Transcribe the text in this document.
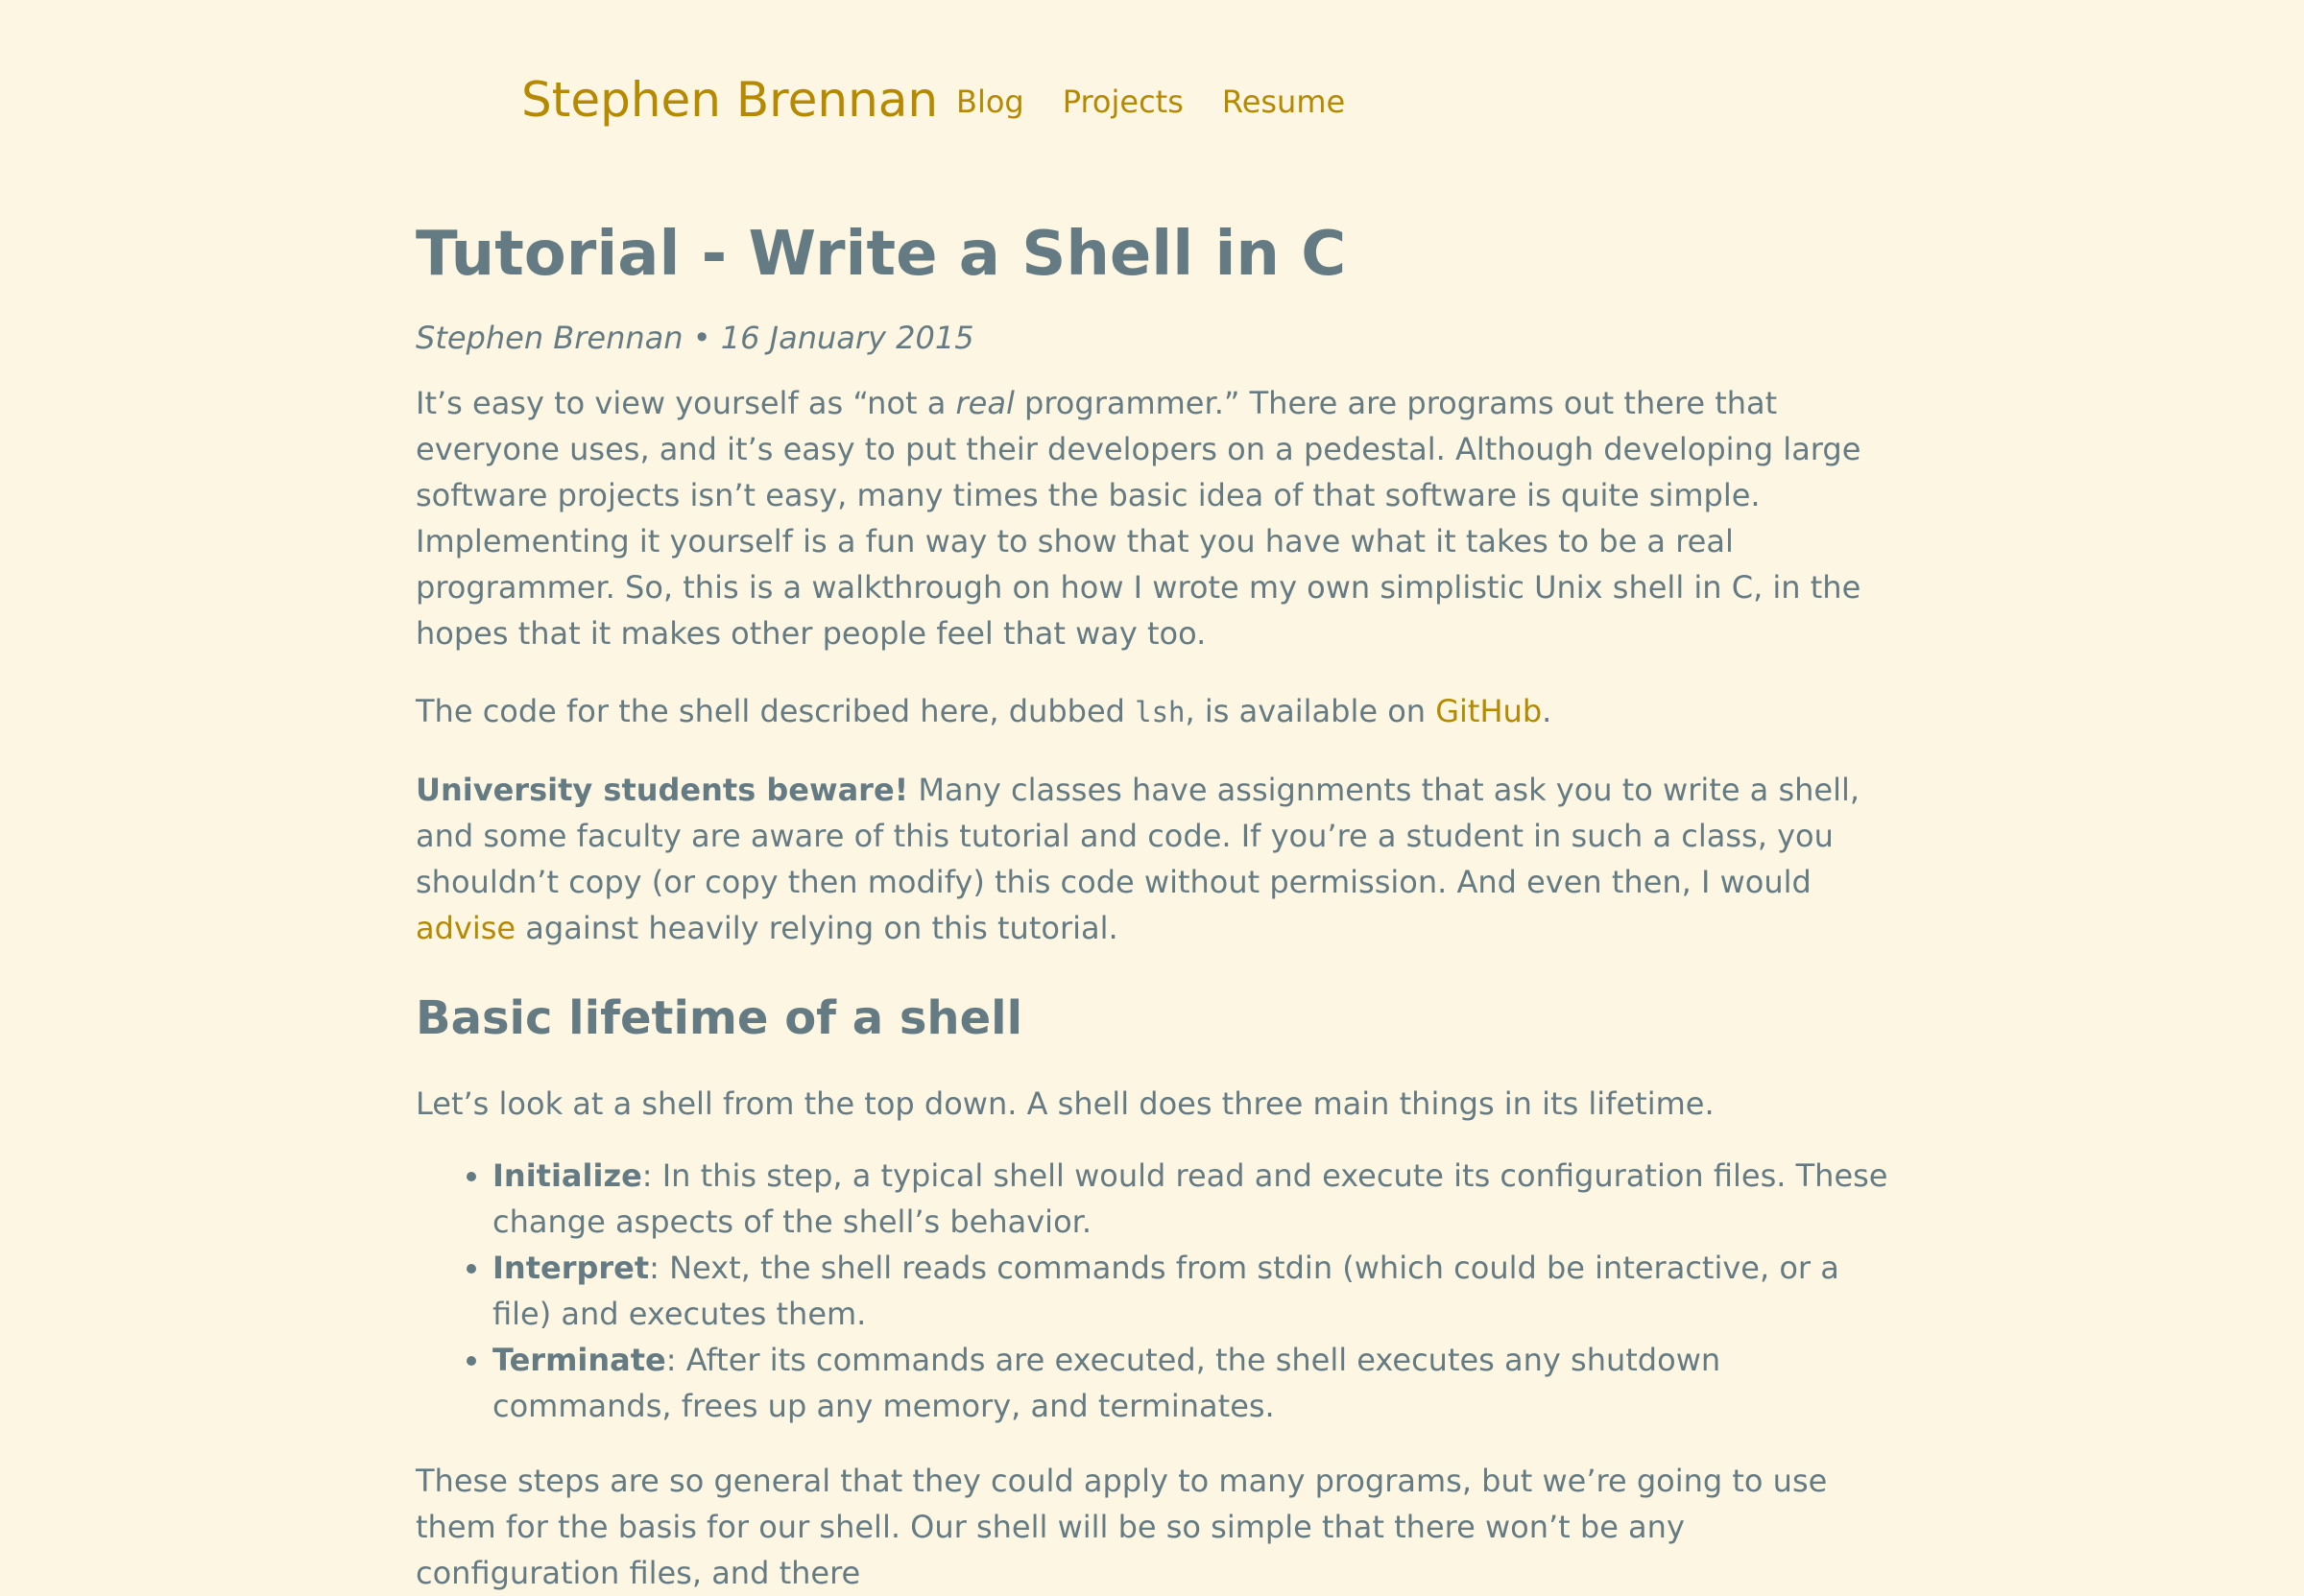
Stephen Brennan Blog Projects Resume
Tutorial - Write a Shell in C
Stephen Brennan • 16 January 2015

It’s easy to view yourself as “not a real programmer.” There are programs out there that everyone uses, and it’s easy to put their developers on a pedestal. Although developing large software projects isn’t easy, many times the basic idea of that software is quite simple. Implementing it yourself is a fun way to show that you have what it takes to be a real programmer. So, this is a walkthrough on how I wrote my own simplistic Unix shell in C, in the hopes that it makes other people feel that way too.

The code for the shell described here, dubbed lsh, is available on GitHub.

University students beware! Many classes have assignments that ask you to write a shell, and some faculty are aware of this tutorial and code. If you’re a student in such a class, you shouldn’t copy (or copy then modify) this code without permission. And even then, I would advise against heavily relying on this tutorial.

Basic lifetime of a shell

Let’s look at a shell from the top down. A shell does three main things in its lifetime.

• Initialize: In this step, a typical shell would read and execute its configuration files. These change aspects of the shell’s behavior.
• Interpret: Next, the shell reads commands from stdin (which could be interactive, or a file) and executes them.
• Terminate: After its commands are executed, the shell executes any shutdown commands, frees up any memory, and terminates.

These steps are so general that they could apply to many programs, but we’re going to use them for the basis for our shell. Our shell will be so simple that there won’t be any configuration files, and there
